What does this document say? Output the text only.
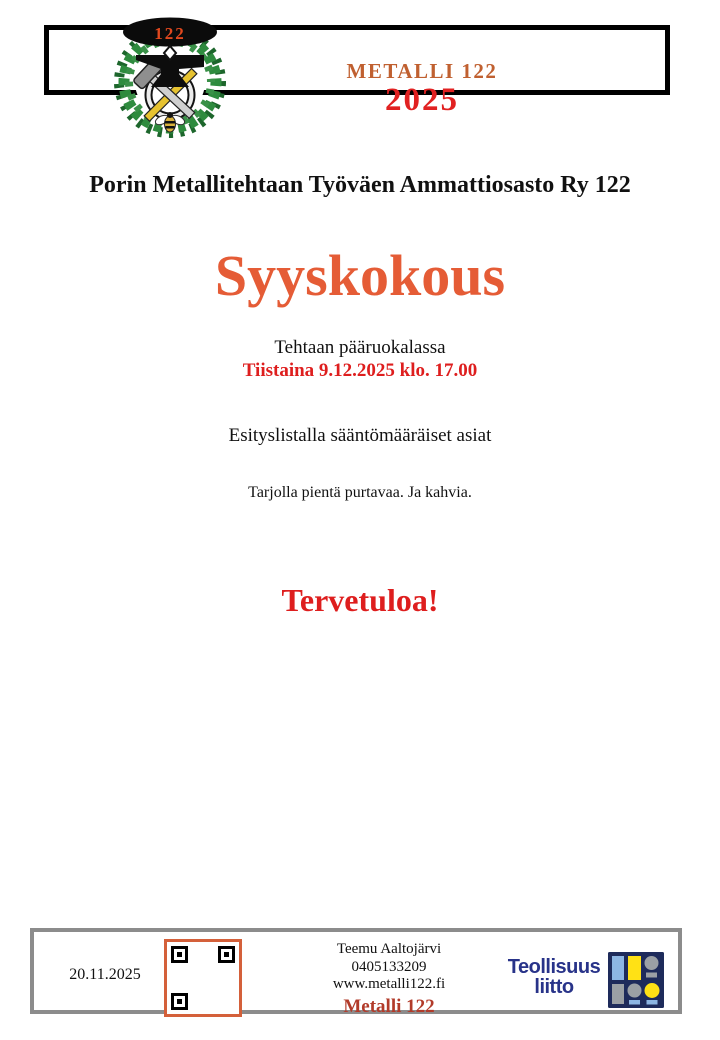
METALLI 122
2025
122
Porin Metallitehtaan Työväen Ammattiosasto Ry 122
Syyskokous
Tehtaan pääruokalassa
Tiistaina 9.12.2025 klo. 17.00
Esityslistalla sääntömääräiset asiat
Tarjolla pientä purtavaa. Ja kahvia.
Tervetuloa!
20.11.2025
Teemu Aaltojärvi
0405133209
www.metalli122.fi
Metalli 122
Teollisuus
liitto
